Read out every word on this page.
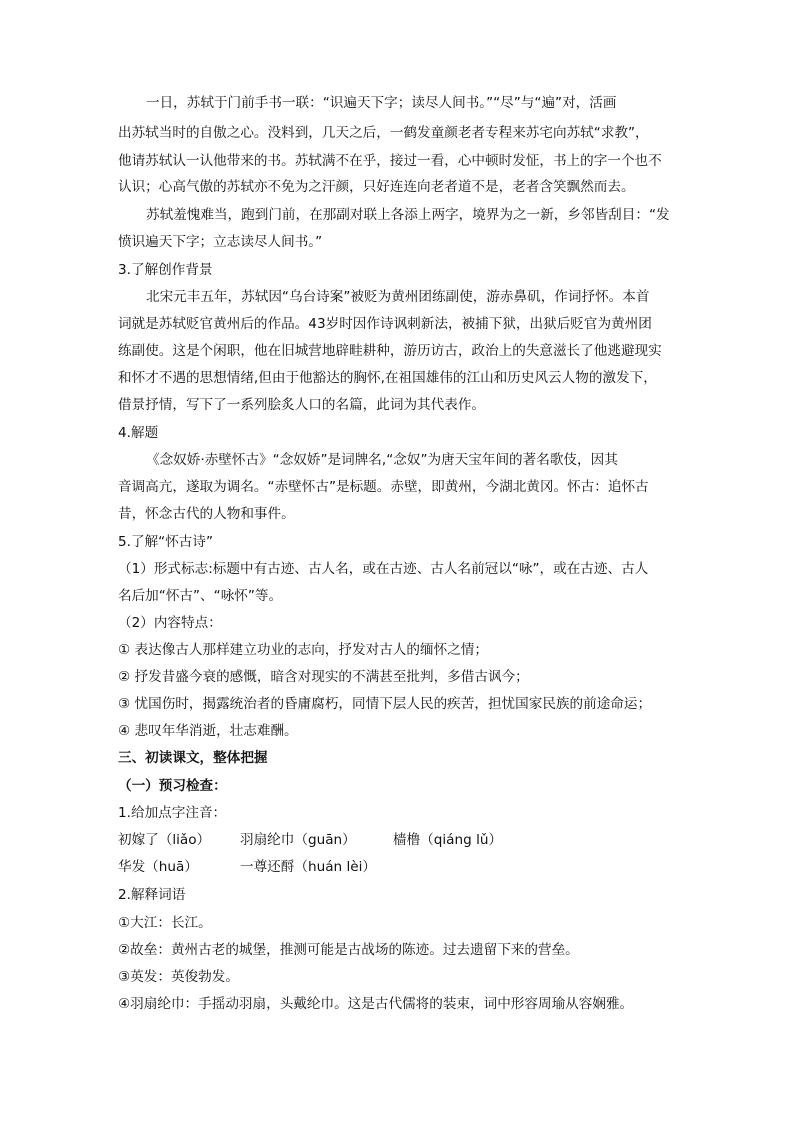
一日，苏轼于门前手书一联：“识遍天下字；读尽人间书。”“尽”与“遍”对，活画
出苏轼当时的自傲之心。没料到，几天之后，一鹤发童颜老者专程来苏宅向苏轼“求教”，
他请苏轼认一认他带来的书。苏轼满不在乎，接过一看，心中顿时发怔，书上的字一个也不
认识；心高气傲的苏轼亦不免为之汗颜，只好连连向老者道不是，老者含笑飘然而去。
苏轼羞愧难当，跑到门前，在那副对联上各添上两字，境界为之一新，乡邻皆刮目：“发
愤识遍天下字；立志读尽人间书。”
3.了解创作背景
北宋元丰五年，苏轼因“乌台诗案”被贬为黄州团练副使，游赤鼻矶，作词抒怀。本首
词就是苏轼贬官黄州后的作品。43岁时因作诗讽刺新法，被捕下狱，出狱后贬官为黄州团
练副使。这是个闲职，他在旧城营地辟畦耕种，游历访古，政治上的失意滋长了他逃避现实
和怀才不遇的思想情绪,但由于他豁达的胸怀,在祖国雄伟的江山和历史风云人物的激发下，
借景抒情，写下了一系列脍炙人口的名篇，此词为其代表作。
4.解题
《念奴娇·赤壁怀古》“念奴娇”是词牌名,“念奴”为唐天宝年间的著名歌伎，因其
音调高亢，遂取为调名。“赤壁怀古”是标题。赤壁，即黄州，今湖北黄冈。怀古：追怀古
昔，怀念古代的人物和事件。
5.了解“怀古诗”
（1）形式标志:标题中有古迹、古人名，或在古迹、古人名前冠以“咏”，或在古迹、古人
名后加“怀古”、“咏怀”等。
（2）内容特点：
① 表达像古人那样建立功业的志向，抒发对古人的缅怀之情；
② 抒发昔盛今衰的感慨，暗含对现实的不满甚至批判，多借古讽今；
③ 忧国伤时，揭露统治者的昏庸腐朽，同情下层人民的疾苦，担忧国家民族的前途命运；
④ 悲叹年华消逝，壮志难酬。
三、初读课文，整体把握
（一）预习检查：
1.给加点字注音：
初嫁了（liǎo） 羽扇纶巾（guān）	樯橹（qiáng lǔ）
华发（huā）	一尊还酹（huán lèi）
2.解释词语
①大江：长江。
②故垒：黄州古老的城堡，推测可能是古战场的陈迹。过去遗留下来的营垒。
③英发：英俊勃发。
④羽扇纶巾：手摇动羽扇，头戴纶巾。这是古代儒将的装束，词中形容周瑜从容娴雅。
